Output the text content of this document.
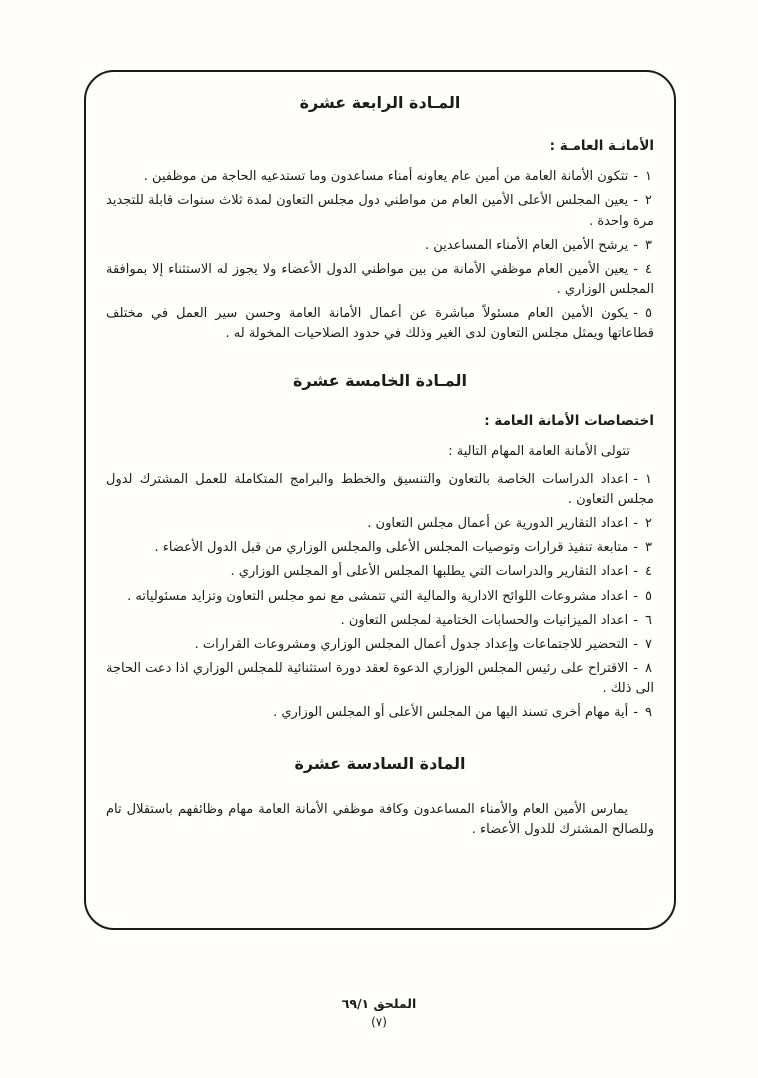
المـادة الرابعة عشرة
الأمانـة العامـة :

١-تتكون الأمانة العامة من أمين عام يعاونه أمناء مساعدون وما تستدعيه الحاجة من موظفين .

٢-يعين المجلس الأعلى الأمين العام من مواطني دول مجلس التعاون لمدة ثلاث سنوات قابلة للتجديد مرة واحدة .

٣-يرشح الأمين العام الأمناء المساعدين .

٤-يعين الأمين العام موظفي الأمانة من بين مواطني الدول الأعضاء ولا يجوز له الاستثناء إلا بموافقة المجلس الوزاري .

٥-يكون الأمين العام مسئولاً مباشرة عن أعمال الأمانة العامة وحسن سير العمل في مختلف قطاعاتها ويمثل مجلس التعاون لدى الغير وذلك في حدود الصلاحيات المخولة له .

المـادة الخامسة عشرة
اختصاصات الأمانة العامة :

تتولى الأمانة العامة المهام التالية :

١-اعداد الدراسات الخاصة بالتعاون والتنسيق والخطط والبرامج المتكاملة للعمل المشترك لدول مجلس التعاون .

٢-اعداد التقارير الدورية عن أعمال مجلس التعاون .

٣-متابعة تنفيذ قرارات وتوصيات المجلس الأعلى والمجلس الوزاري من قبل الدول الأعضاء .

٤-اعداد التقارير والدراسات التي يطلبها المجلس الأعلى أو المجلس الوزاري .

٥-اعداد مشروعات اللوائح الادارية والمالية التي تتمشى مع نمو مجلس التعاون وتزايد مسئولياته .

٦-اعداد الميزانيات والحسابات الختامية لمجلس التعاون .

٧-التحضير للاجتماعات وإعداد جدول أعمال المجلس الوزاري ومشروعات القرارات .

٨-الاقتراح على رئيس المجلس الوزاري الدعوة لعقد دورة استثنائية للمجلس الوزاري اذا دعت الحاجة الى ذلك .

٩-أية مهام أخرى تسند اليها من المجلس الأعلى أو المجلس الوزاري .

المادة السادسة عشرة

يمارس الأمين العام والأمناء المساعدون وكافة موظفي الأمانة العامة مهام وظائفهم باستقلال تام وللصالح المشترك للدول الأعضاء .

الملحق ٦٩/١
(٧)
